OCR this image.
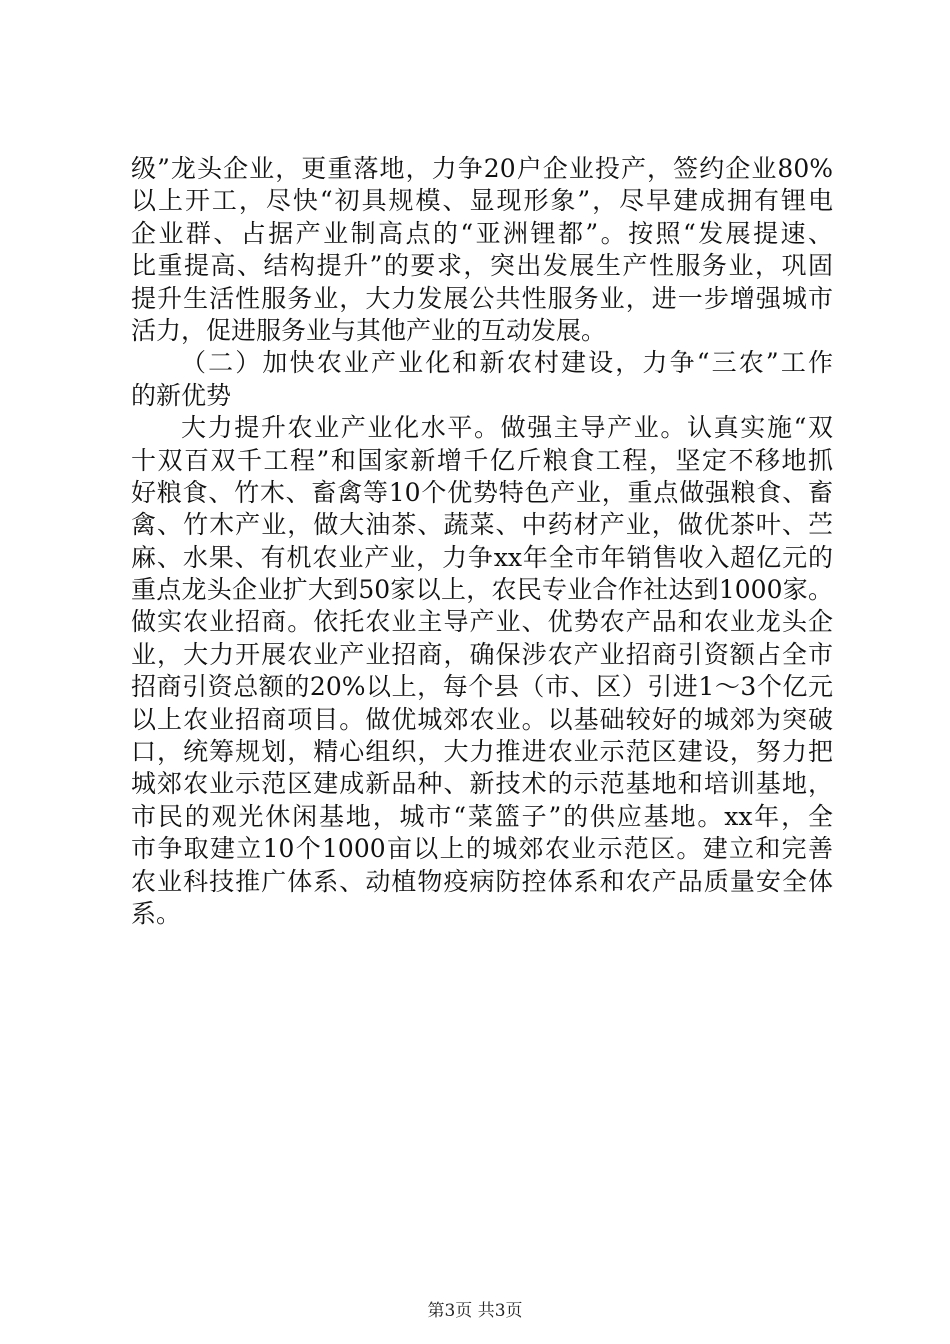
级”龙头企业，更重落地，力争20户企业投产，签约企业80%
以上开工，尽快“初具规模、显现形象”，尽早建成拥有锂电
企业群、占据产业制高点的“亚洲锂都”。按照“发展提速、
比重提高、结构提升”的要求，突出发展生产性服务业，巩固
提升生活性服务业，大力发展公共性服务业，进一步增强城市
活力，促进服务业与其他产业的互动发展。
（二）加快农业产业化和新农村建设，力争“三农”工作
的新优势
大力提升农业产业化水平。做强主导产业。认真实施“双
十双百双千工程”和国家新增千亿斤粮食工程，坚定不移地抓
好粮食、竹木、畜禽等10个优势特色产业，重点做强粮食、畜
禽、竹木产业，做大油茶、蔬菜、中药材产业，做优茶叶、苎
麻、水果、有机农业产业，力争xx年全市年销售收入超亿元的
重点龙头企业扩大到50家以上，农民专业合作社达到1000家。
做实农业招商。依托农业主导产业、优势农产品和农业龙头企
业，大力开展农业产业招商，确保涉农产业招商引资额占全市
招商引资总额的20%以上，每个县（市、区）引进1～3个亿元
以上农业招商项目。做优城郊农业。以基础较好的城郊为突破
口，统筹规划，精心组织，大力推进农业示范区建设，努力把
城郊农业示范区建成新品种、新技术的示范基地和培训基地，
市民的观光休闲基地，城市“菜篮子”的供应基地。xx年，全
市争取建立10个1000亩以上的城郊农业示范区。建立和完善
农业科技推广体系、动植物疫病防控体系和农产品质量安全体
系。
第3页 共3页
